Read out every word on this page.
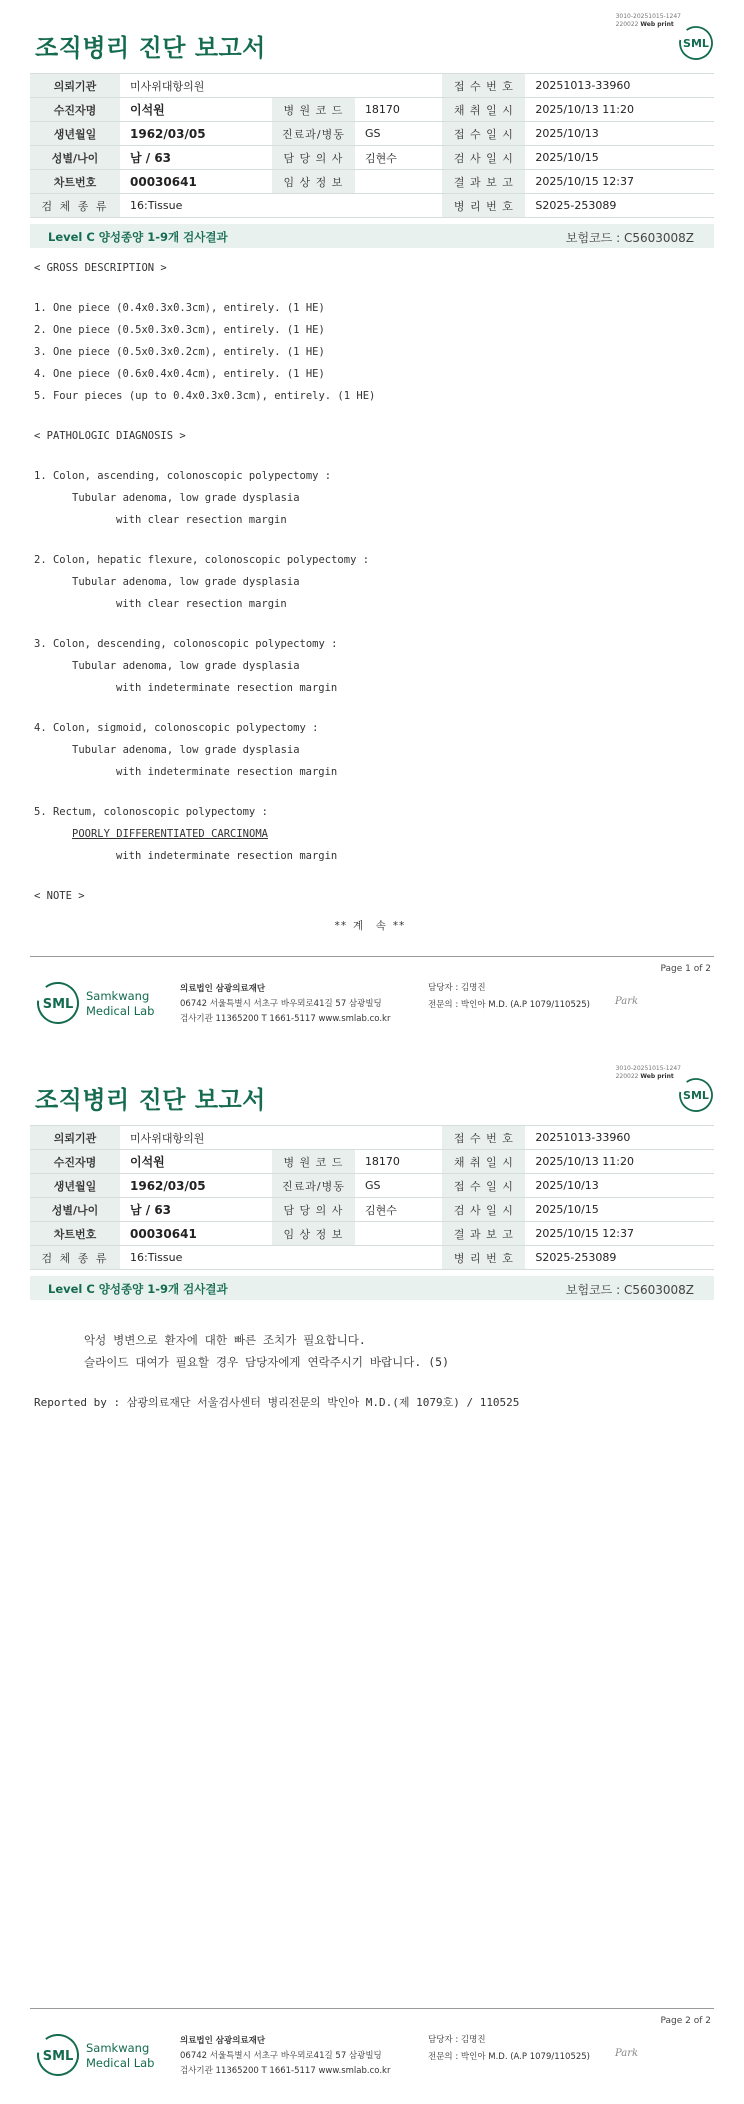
3010-20251015-1247
220022 Web print
조직병리 진단 보고서	SML
의뢰기관	미사위대항의원			접 수 번 호	20251013-33960
수진자명	이석원	병 원 코 드	18170	채 취 일 시	2025/10/13 11:20
생년월일	1962/03/05	진료과/병동	GS	접 수 일 시	2025/10/13
성별/나이	남 / 63	담 당 의 사	김현수	검 사 일 시	2025/10/15
차트번호	00030641	임 상 정 보		결 과 보 고	2025/10/15 12:37
검 체 종 류	16:Tissue			병 리 번 호	S2025-253089
Level C 양성종양 1-9개 검사결과	보험코드 : C5603008Z
< GROSS DESCRIPTION >
1. One piece (0.4x0.3x0.3cm), entirely. (1 HE)
2. One piece (0.5x0.3x0.3cm), entirely. (1 HE)
3. One piece (0.5x0.3x0.2cm), entirely. (1 HE)
4. One piece (0.6x0.4x0.4cm), entirely. (1 HE)
5. Four pieces (up to 0.4x0.3x0.3cm), entirely. (1 HE)
< PATHOLOGIC DIAGNOSIS >
1. Colon, ascending, colonoscopic polypectomy :
Tubular adenoma, low grade dysplasia
with clear resection margin
2. Colon, hepatic flexure, colonoscopic polypectomy :
Tubular adenoma, low grade dysplasia
with clear resection margin
3. Colon, descending, colonoscopic polypectomy :
Tubular adenoma, low grade dysplasia
with indeterminate resection margin
4. Colon, sigmoid, colonoscopic polypectomy :
Tubular adenoma, low grade dysplasia
with indeterminate resection margin
5. Rectum, colonoscopic polypectomy :
POORLY DIFFERENTIATED CARCINOMA
with indeterminate resection margin
< NOTE >
** 계  속 **
Page 1 of 2
SML
Samkwang
Medical Lab
의료법인 삼광의료재단
06742 서울특별시 서초구 바우뫼로41길 57 삼광빌딩
검사기관 11365200 T 1661-5117 www.smlab.co.kr
담당자 : 김명진
전문의 : 박인아 M.D. (A.P 1079/110525)	Park
3010-20251015-1247
220022 Web print
조직병리 진단 보고서	SML
의뢰기관	미사위대항의원			접 수 번 호	20251013-33960
수진자명	이석원	병 원 코 드	18170	채 취 일 시	2025/10/13 11:20
생년월일	1962/03/05	진료과/병동	GS	접 수 일 시	2025/10/13
성별/나이	남 / 63	담 당 의 사	김현수	검 사 일 시	2025/10/15
차트번호	00030641	임 상 정 보		결 과 보 고	2025/10/15 12:37
검 체 종 류	16:Tissue			병 리 번 호	S2025-253089
Level C 양성종양 1-9개 검사결과	보험코드 : C5603008Z
악성 병변으로 환자에 대한 빠른 조치가 필요합니다.
슬라이드 대여가 필요할 경우 담당자에게 연락주시기 바랍니다. (5)
Reported by : 삼광의료재단 서울검사센터 병리전문의 박인아 M.D.(제 1079호) / 110525
Page 2 of 2
SML
Samkwang
Medical Lab
의료법인 삼광의료재단
06742 서울특별시 서초구 바우뫼로41길 57 삼광빌딩
검사기관 11365200 T 1661-5117 www.smlab.co.kr
담당자 : 김명진
전문의 : 박인아 M.D. (A.P 1079/110525)	Park
